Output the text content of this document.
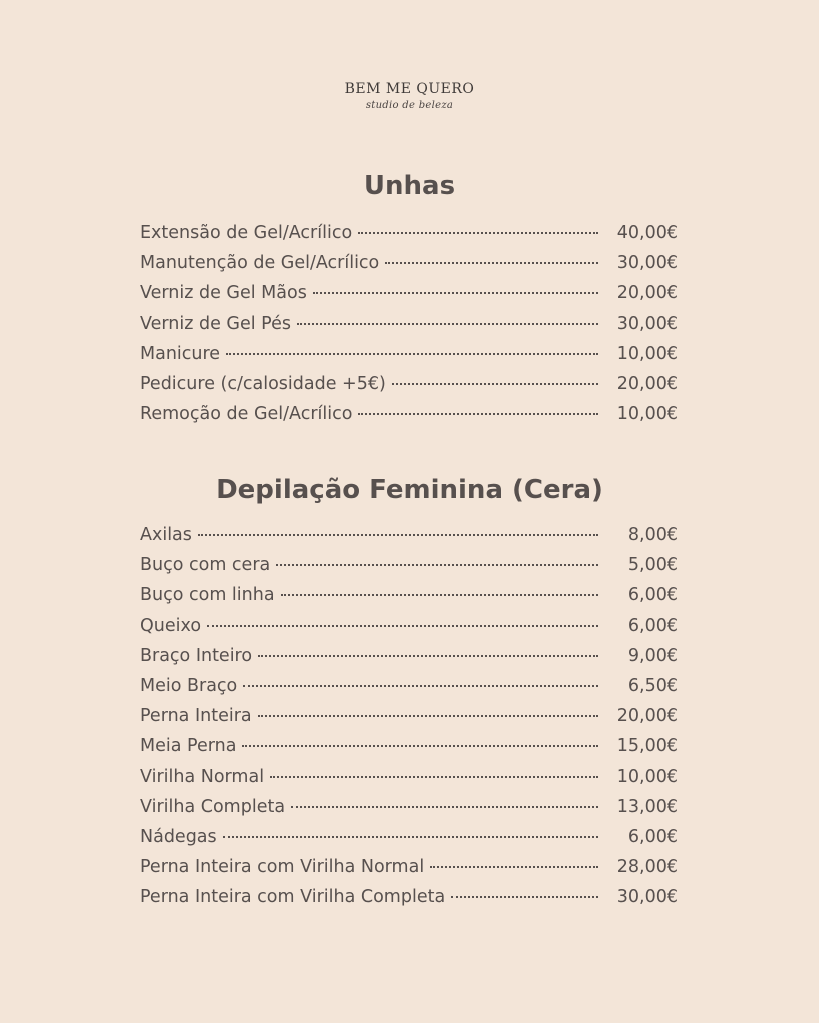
BEM ME QUERO
studio de beleza
Unhas
Extensão de Gel/Acrílico	40,00€
Manutenção de Gel/Acrílico	30,00€
Verniz de Gel Mãos	20,00€
Verniz de Gel Pés	30,00€
Manicure	10,00€
Pedicure (c/calosidade +5€)	20,00€
Remoção de Gel/Acrílico	10,00€
Depilação Feminina (Cera)
Axilas	8,00€
Buço com cera	5,00€
Buço com linha	6,00€
Queixo	6,00€
Braço Inteiro	9,00€
Meio Braço	6,50€
Perna Inteira	20,00€
Meia Perna	15,00€
Virilha Normal	10,00€
Virilha Completa	13,00€
Nádegas	6,00€
Perna Inteira com Virilha Normal	28,00€
Perna Inteira com Virilha Completa	30,00€
